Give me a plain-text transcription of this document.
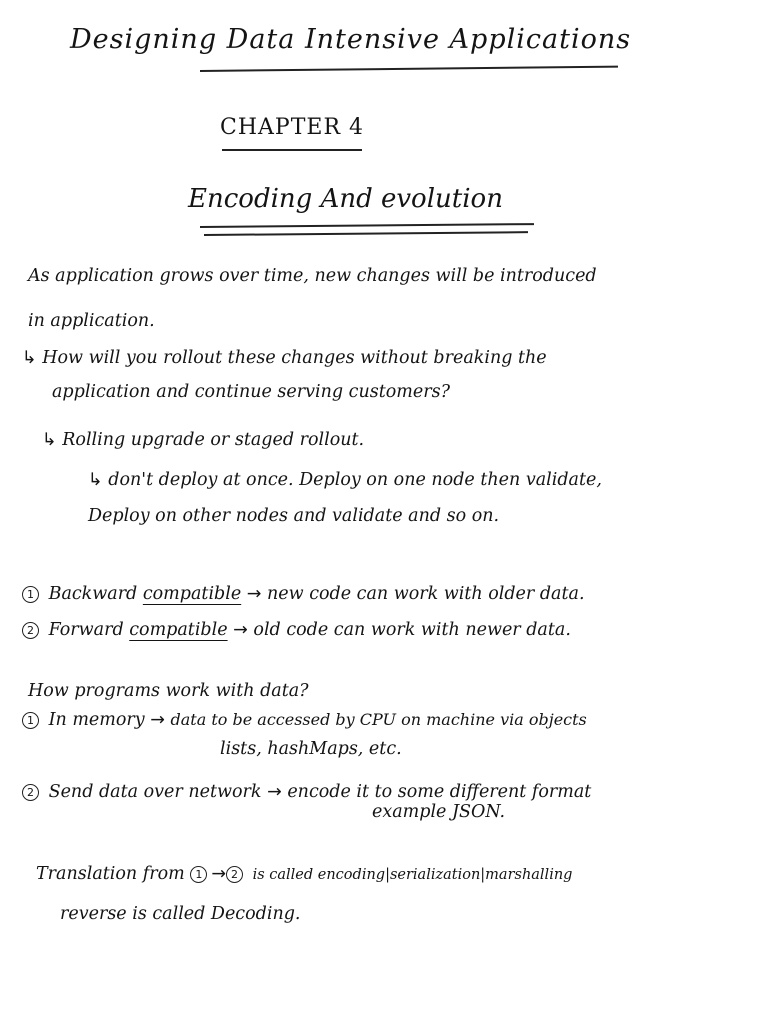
Designing Data Intensive Applications
CHAPTER 4
Encoding And evolution
As application grows over time, new changes will be introduced
in application.
↳ How will you rollout these changes without breaking the
application and continue serving customers?
↳ Rolling upgrade or staged rollout.
↳ don't deploy at once. Deploy on one node then validate,
Deploy on other nodes and validate and so on.
1 Backward compatible → new code can work with older data.
2 Forward compatible → old code can work with newer data.
How programs work with data?
1 In memory → data to be accessed by CPU on machine via objects
lists, hashMaps, etc.
2 Send data over network → encode it to some different format
example JSON.
Translation from 1 → 2 is called encoding|serialization|marshalling
reverse is called Decoding.
